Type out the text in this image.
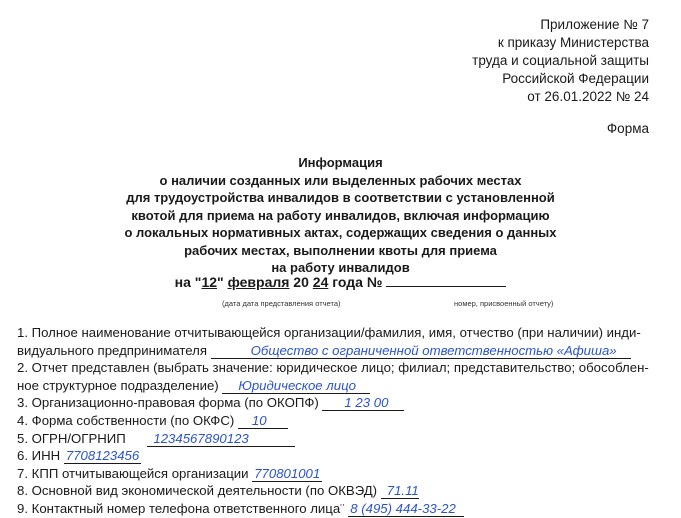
Приложение № 7
к приказу Министерства
труда и социальной защиты
Российской Федерации
от 26.01.2022 № 24
Форма
Информация
о наличии созданных или выделенных рабочих местах
для трудоустройства инвалидов в соответствии с установленной
квотой для приема на работу инвалидов, включая информацию
о локальных нормативных актах, содержащих сведения о данных
рабочих местах, выполнении квоты для приема
на работу инвалидов
на "12" февраля 20 24 года №
(дата дата представления отчета)	номер, присвоенный отчету)
1. Полное наименование отчитывающейся организации/фамилия, имя, отчество (при наличии) инди-
видуального предпринимателя	Общество с ограниченной ответственностью «Афиша»
2. Отчет представлен (выбрать значение: юридическое лицо; филиал; представительство; обособлен-
ное структурное подразделение) Юридическое лицо
3. Организационно-правовая форма (по ОКОПФ) 1 23 00
4. Форма собственности (по ОКФС) 10
5. ОГРН/ОГРНИП 1234567890123
6. ИНН 7708123456
7. КПП отчитывающейся организации 770801001
8. Основной вид экономической деятельности (по ОКВЭД) 71.11
9. Контактный номер телефона ответственного лица¨ 8 (495) 444-33-22
